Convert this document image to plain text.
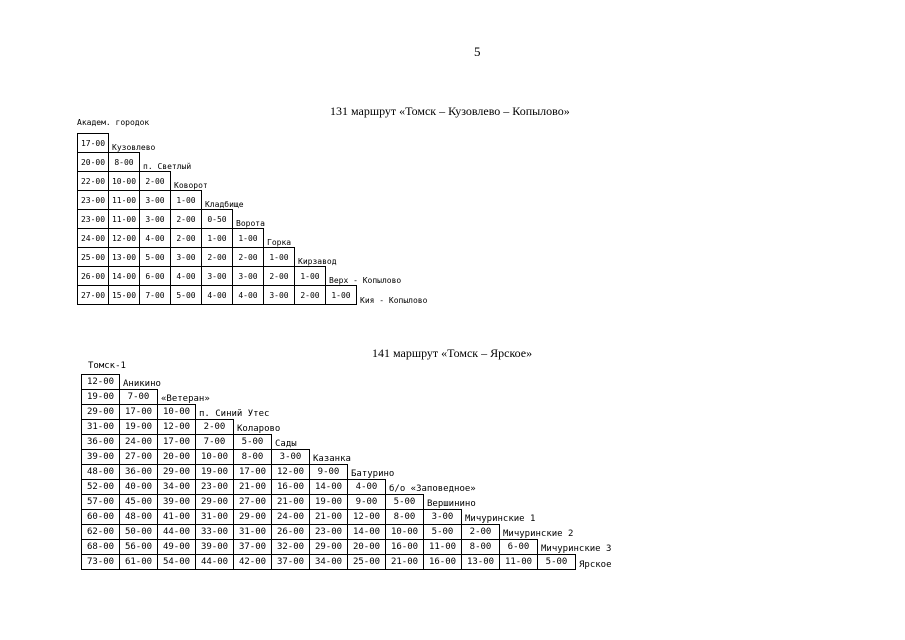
5
131 маршрут «Томск – Кузовлево – Копылово»
Академ. городок
17-00	Кузовлево								
20-00	8-00	п. Светлый							
22-00	10-00	2-00	Коворот						
23-00	11-00	3-00	1-00	Кладбище					
23-00	11-00	3-00	2-00	0-50	Ворота				
24-00	12-00	4-00	2-00	1-00	1-00	Горка			
25-00	13-00	5-00	3-00	2-00	2-00	1-00	Кирзавод		
26-00	14-00	6-00	4-00	3-00	3-00	2-00	1-00	Верх - Копылово	
27-00	15-00	7-00	5-00	4-00	4-00	3-00	2-00	1-00	Кия - Копылово

141 маршрут «Томск – Ярское»
Томск-1
12-00	Аникино												
19-00	7-00	«Ветеран»											
29-00	17-00	10-00	п. Синий Утес										
31-00	19-00	12-00	2-00	Коларово									
36-00	24-00	17-00	7-00	5-00	Сады								
39-00	27-00	20-00	10-00	8-00	3-00	Казанка							
48-00	36-00	29-00	19-00	17-00	12-00	9-00	Батурино						
52-00	40-00	34-00	23-00	21-00	16-00	14-00	4-00	б/о «Заповедное»					
57-00	45-00	39-00	29-00	27-00	21-00	19-00	9-00	5-00	Вершинино				
60-00	48-00	41-00	31-00	29-00	24-00	21-00	12-00	8-00	3-00	Мичуринские 1			
62-00	50-00	44-00	33-00	31-00	26-00	23-00	14-00	10-00	5-00	2-00	Мичуринские 2		
68-00	56-00	49-00	39-00	37-00	32-00	29-00	20-00	16-00	11-00	8-00	6-00	Мичуринские 3	
73-00	61-00	54-00	44-00	42-00	37-00	34-00	25-00	21-00	16-00	13-00	11-00	5-00	Ярское
